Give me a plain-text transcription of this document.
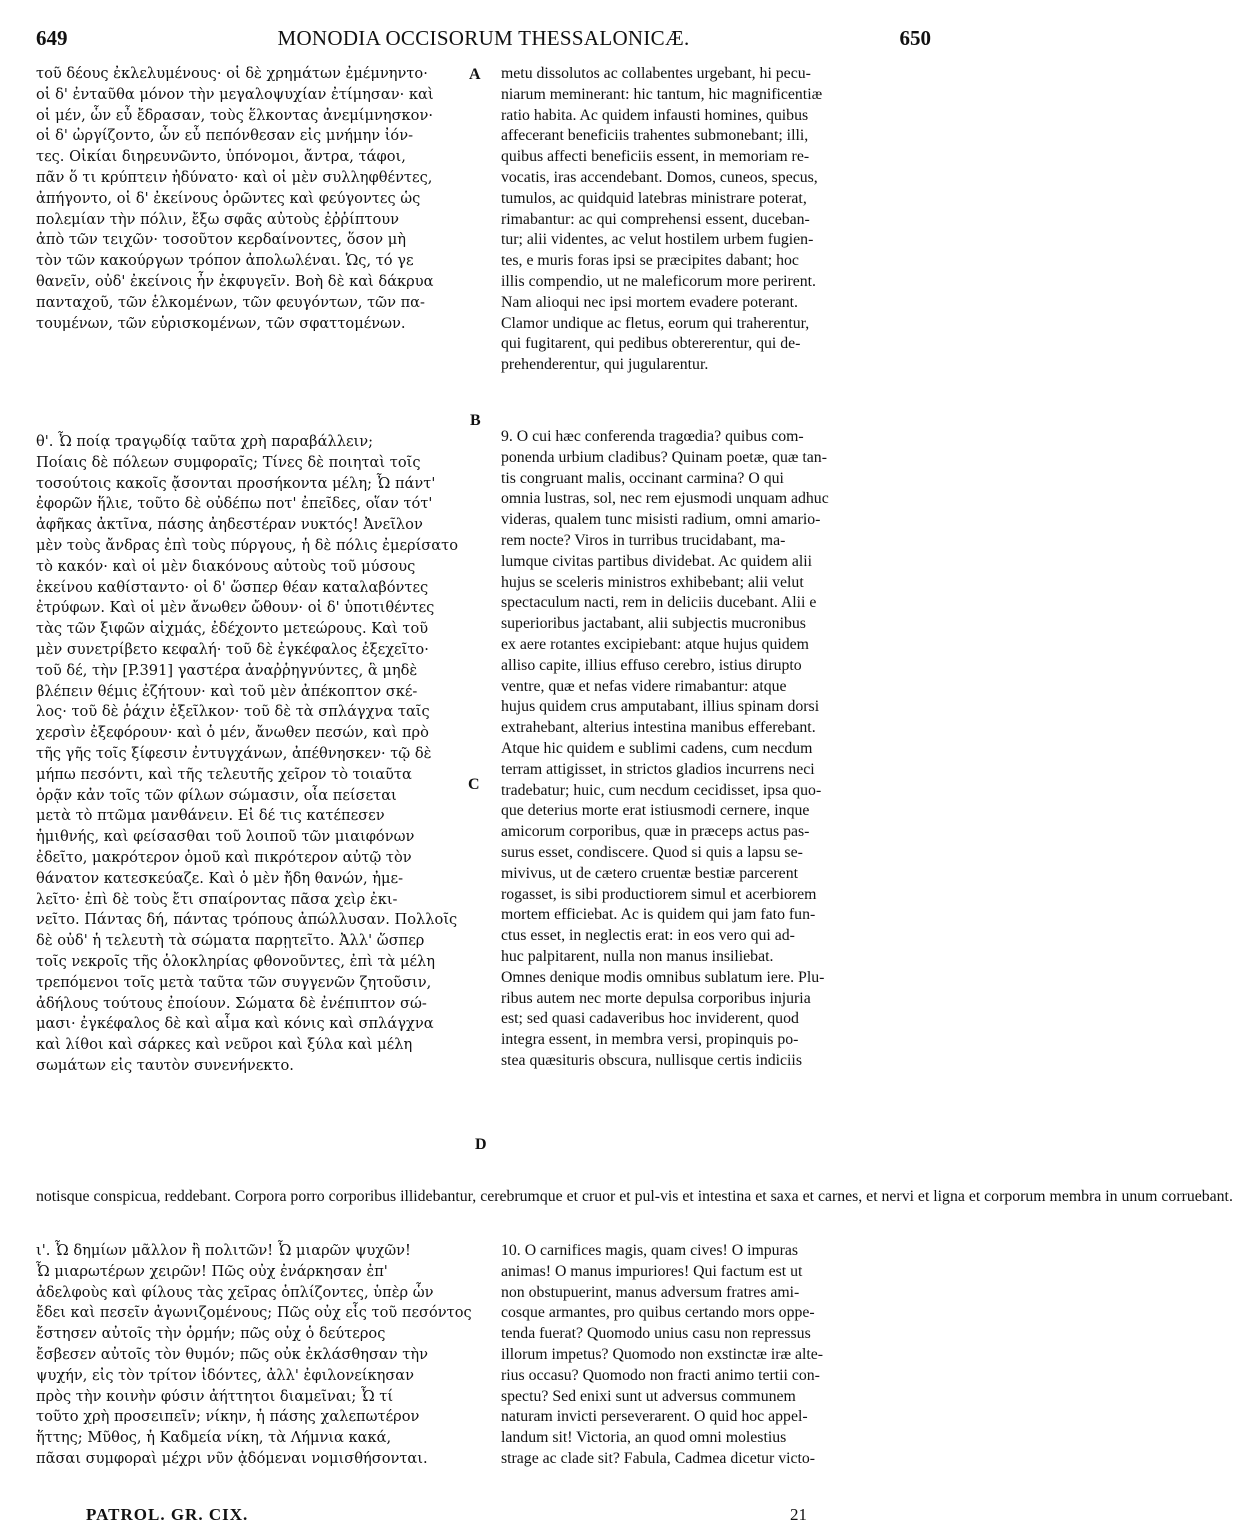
649	MONODIA OCCISORUM THESSALONICÆ.	650
τοῦ δέους ἐκλελυμένους· οἱ δὲ χρημάτων ἐμέμνηντο·
οἱ δ' ἐνταῦθα μόνον τὴν μεγαλοψυχίαν ἐτίμησαν· καὶ
οἱ μέν, ὧν εὖ ἔδρασαν, τοὺς ἕλκοντας ἀνεμίμνησκον·
οἱ δ' ὠργίζοντο, ὧν εὖ πεπόνθεσαν εἰς μνήμην ἰόν-
τες. Οἰκίαι διηρευνῶντο, ὑπόνομοι, ἄντρα, τάφοι,
πᾶν ὅ τι κρύπτειν ἠδύνατο· καὶ οἱ μὲν συλληφθέντες,
ἀπήγοντο, οἱ δ' ἐκείνους ὁρῶντες καὶ φεύγοντες ὡς
πολεμίαν τὴν πόλιν, ἔξω σφᾶς αὐτοὺς ἐῤῥίπτουν
ἀπὸ τῶν τειχῶν· τοσοῦτον κερδαίνοντες, ὅσον μὴ
τὸν τῶν κακούργων τρόπον ἀπολωλέναι. Ὡς, τό γε
θανεῖν, οὐδ' ἐκείνοις ἦν ἐκφυγεῖν. Βοὴ δὲ καὶ δάκρυα
πανταχοῦ, τῶν ἑλκομένων, τῶν φευγόντων, τῶν πα-
τουμένων, τῶν εὑρισκομένων, τῶν σφαττομένων.
metu dissolutos ac collabentes urgebant, hi pecu-
niarum meminerant: hic tantum, hic magnificentiæ
ratio habita. Ac quidem infausti homines, quibus
affecerant beneficiis trahentes submonebant; illi,
quibus affecti beneficiis essent, in memoriam re-
vocatis, iras accendebant. Domos, cuneos, specus,
tumulos, ac quidquid latebras ministrare poterat,
rimabantur: ac qui comprehensi essent, duceban-
tur; alii videntes, ac velut hostilem urbem fugien-
tes, e muris foras ipsi se præcipites dabant; hoc
illis compendio, ut ne maleficorum more perirent.
Nam alioqui nec ipsi mortem evadere poterant.
Clamor undique ac fletus, eorum qui traherentur,
qui fugitarent, qui pedibus obtererentur, qui de-
prehenderentur, qui jugularentur.
θ'. Ὦ ποίᾳ τραγῳδίᾳ ταῦτα χρὴ παραβάλλειν;
Ποίαις δὲ πόλεων συμφοραῖς; Τίνες δὲ ποιηταὶ τοῖς
τοσούτοις κακοῖς ᾄσονται προσήκοντα μέλη; Ὦ πάντ'
ἐφορῶν ἥλιε, τοῦτο δὲ οὐδέπω ποτ' ἐπεῖδες, οἵαν τότ'
ἀφῆκας ἀκτῖνα, πάσης ἀηδεστέραν νυκτός! Ἀνεῖλον
μὲν τοὺς ἄνδρας ἐπὶ τοὺς πύργους, ἡ δὲ πόλις ἐμερίσατο
τὸ κακόν· καὶ οἱ μὲν διακόνους αὐτοὺς τοῦ μύσους
ἐκείνου καθίσταντο· οἱ δ' ὥσπερ θέαν καταλαβόντες
ἐτρύφων. Καὶ οἱ μὲν ἄνωθεν ὤθουν· οἱ δ' ὑποτιθέντες
τὰς τῶν ξιφῶν αἰχμάς, ἐδέχοντο μετεώρους. Καὶ τοῦ
μὲν συνετρίβετο κεφαλή· τοῦ δὲ ἐγκέφαλος ἐξεχεῖτο·
τοῦ δέ, τὴν [P.391] γαστέρα ἀναῤῥηγνύντες, ἃ μηδὲ
βλέπειν θέμις ἐζήτουν· καὶ τοῦ μὲν ἀπέκοπτον σκέ-
λος· τοῦ δὲ ῥάχιν ἐξεῖλκον· τοῦ δὲ τὰ σπλάγχνα ταῖς
χερσὶν ἐξεφόρουν· καὶ ὁ μέν, ἄνωθεν πεσών, καὶ πρὸ
τῆς γῆς τοῖς ξίφεσιν ἐντυγχάνων, ἀπέθνησκεν· τῷ δὲ
μήπω πεσόντι, καὶ τῆς τελευτῆς χεῖρον τὸ τοιαῦτα
ὁρᾷν κἀν τοῖς τῶν φίλων σώμασιν, οἷα πείσεται
μετὰ τὸ πτῶμα μανθάνειν. Εἰ δέ τις κατέπεσεν
ἡμιθνής, καὶ φείσασθαι τοῦ λοιποῦ τῶν μιαιφόνων
ἐδεῖτο, μακρότερον ὁμοῦ καὶ πικρότερον αὐτῷ τὸν
θάνατον κατεσκεύαζε. Καὶ ὁ μὲν ἤδη θανών, ἠμε-
λεῖτο· ἐπὶ δὲ τοὺς ἔτι σπαίροντας πᾶσα χεὶρ ἐκι-
νεῖτο. Πάντας δή, πάντας τρόπους ἀπώλλυσαν. Πολλοῖς
δὲ οὐδ' ἡ τελευτὴ τὰ σώματα παρῃτεῖτο. Ἀλλ' ὥσπερ
τοῖς νεκροῖς τῆς ὁλοκληρίας φθονοῦντες, ἐπὶ τὰ μέλη
τρεπόμενοι τοῖς μετὰ ταῦτα τῶν συγγενῶν ζητοῦσιν,
ἀδήλους τούτους ἐποίουν. Σώματα δὲ ἐνέπιπτον σώ-
μασι· ἐγκέφαλος δὲ καὶ αἷμα καὶ κόνις καὶ σπλάγχνα
καὶ λίθοι καὶ σάρκες καὶ νεῦροι καὶ ξύλα καὶ μέλη
σωμάτων εἰς ταυτὸν συνενήνεκτο.
9. O cui hæc conferenda tragœdia? quibus com-
ponenda urbium cladibus? Quinam poetæ, quæ tan-
tis congruant malis, occinant carmina? O qui
omnia lustras, sol, nec rem ejusmodi unquam adhuc
videras, qualem tunc misisti radium, omni amario-
rem nocte? Viros in turribus trucidabant, ma-
lumque civitas partibus dividebat. Ac quidem alii
hujus se sceleris ministros exhibebant; alii velut
spectaculum nacti, rem in deliciis ducebant. Alii e
superioribus jactabant, alii subjectis mucronibus
ex aere rotantes excipiebant: atque hujus quidem
alliso capite, illius effuso cerebro, istius dirupto
ventre, quæ et nefas videre rimabantur: atque
hujus quidem crus amputabant, illius spinam dorsi
extrahebant, alterius intestina manibus efferebant.
Atque hic quidem e sublimi cadens, cum necdum
terram attigisset, in strictos gladios incurrens neci
tradebatur; huic, cum necdum cecidisset, ipsa quo-
que deterius morte erat istiusmodi cernere, inque
amicorum corporibus, quæ in præceps actus pas-
surus esset, condiscere. Quod si quis a lapsu se-
mivivus, ut de cætero cruentæ bestiæ parcerent
rogasset, is sibi productiorem simul et acerbiorem
mortem efficiebat. Ac is quidem qui jam fato fun-
ctus esset, in neglectis erat: in eos vero qui ad-
huc palpitarent, nulla non manus insiliebat.
Omnes denique modis omnibus sublatum iere. Plu-
ribus autem nec morte depulsa corporibus injuria
est; sed quasi cadaveribus hoc inviderent, quod
integra essent, in membra versi, propinquis po-
stea quæsituris obscura, nullisque certis indiciis
notisque conspicua, reddebant. Corpora porro corporibus illidebantur, cerebrumque et cruor et pul-vis et intestina et saxa et carnes, et nervi et ligna et corporum membra in unum corruebant.
ι'. Ὦ δημίων μᾶλλον ἢ πολιτῶν! Ὦ μιαρῶν ψυχῶν!
Ὦ μιαρωτέρων χειρῶν! Πῶς οὐχ ἐνάρκησαν ἐπ'
ἀδελφοὺς καὶ φίλους τὰς χεῖρας ὁπλίζοντες, ὑπὲρ ὧν
ἔδει καὶ πεσεῖν ἀγωνιζομένους; Πῶς οὐχ εἷς τοῦ πεσόντος
ἔστησεν αὐτοῖς τὴν ὁρμήν; πῶς οὐχ ὁ δεύτερος
ἔσβεσεν αὐτοῖς τὸν θυμόν; πῶς οὐκ ἐκλάσθησαν τὴν
ψυχήν, εἰς τὸν τρίτον ἰδόντες, ἀλλ' ἐφιλονείκησαν
πρὸς τὴν κοινὴν φύσιν ἀήττητοι διαμεῖναι; Ὦ τί
τοῦτο χρὴ προσειπεῖν; νίκην, ἡ πάσης χαλεπωτέρον
ἥττης; Μῦθος, ἡ Καδμεία νίκη, τὰ Λήμνια κακά,
πᾶσαι συμφοραὶ μέχρι νῦν ᾀδόμεναι νομισθήσονται.
10. O carnifices magis, quam cives! O impuras
animas! O manus impuriores! Qui factum est ut
non obstupuerint, manus adversum fratres ami-
cosque armantes, pro quibus certando mors oppe-
tenda fuerat? Quomodo unius casu non repressus
illorum impetus? Quomodo non exstinctæ iræ alte-
rius occasu? Quomodo non fracti animo tertii con-
spectu? Sed enixi sunt ut adversus communem
naturam invicti perseverarent. O quid hoc appel-
landum sit! Victoria, an quod omni molestius
strage ac clade sit? Fabula, Cadmea dicetur victo-
A
B
C
D
PATROL. GR. CIX.	21
